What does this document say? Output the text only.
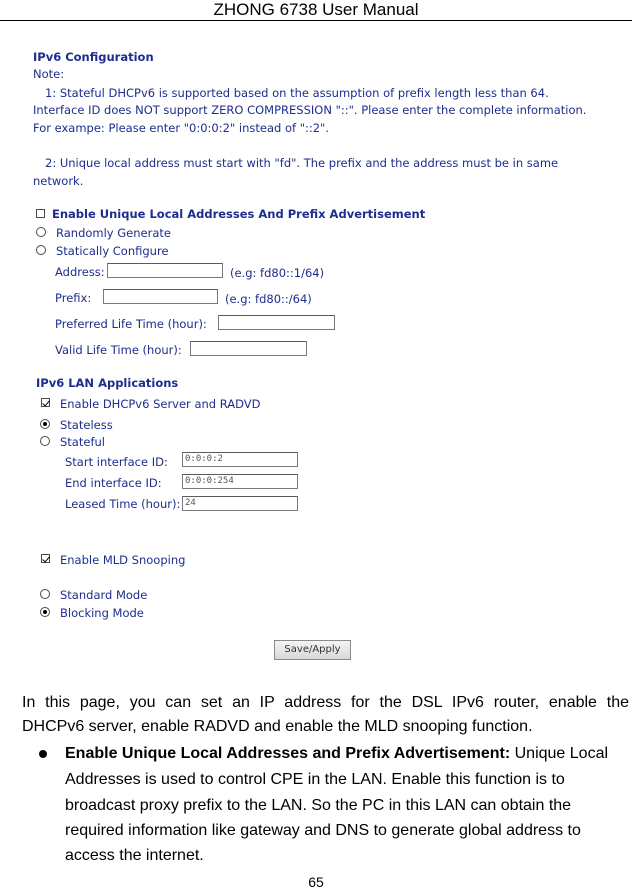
ZHONG 6738 User Manual
IPv6 Configuration
Note:
1: Stateful DHCPv6 is supported based on the assumption of prefix length less than 64.
Interface ID does NOT support ZERO COMPRESSION "::". Please enter the complete information.
For exampe: Please enter "0:0:0:2" instead of "::2".
2: Unique local address must start with "fd". The prefix and the address must be in same
network.
Enable Unique Local Addresses And Prefix Advertisement
Randomly Generate
Statically Configure
Address:	(e.g: fd80::1/64)
Prefix:	(e.g: fd80::/64)
Preferred Life Time (hour):
Valid Life Time (hour):
IPv6 LAN Applications
Enable DHCPv6 Server and RADVD
Stateless
Stateful
Start interface ID:	0:0:0:2
End interface ID:	0:0:0:254
Leased Time (hour): 24
Enable MLD Snooping
Standard Mode
Blocking Mode
Save/Apply
In this page, you can set an IP address for the DSL IPv6 router, enable the
DHCPv6 server, enable RADVD and enable the MLD snooping function.
Enable Unique Local Addresses and Prefix Advertisement: Unique Local
Addresses is used to control CPE in the LAN. Enable this function is to
broadcast proxy prefix to the LAN. So the PC in this LAN can obtain the
required information like gateway and DNS to generate global address to
access the internet.
65
